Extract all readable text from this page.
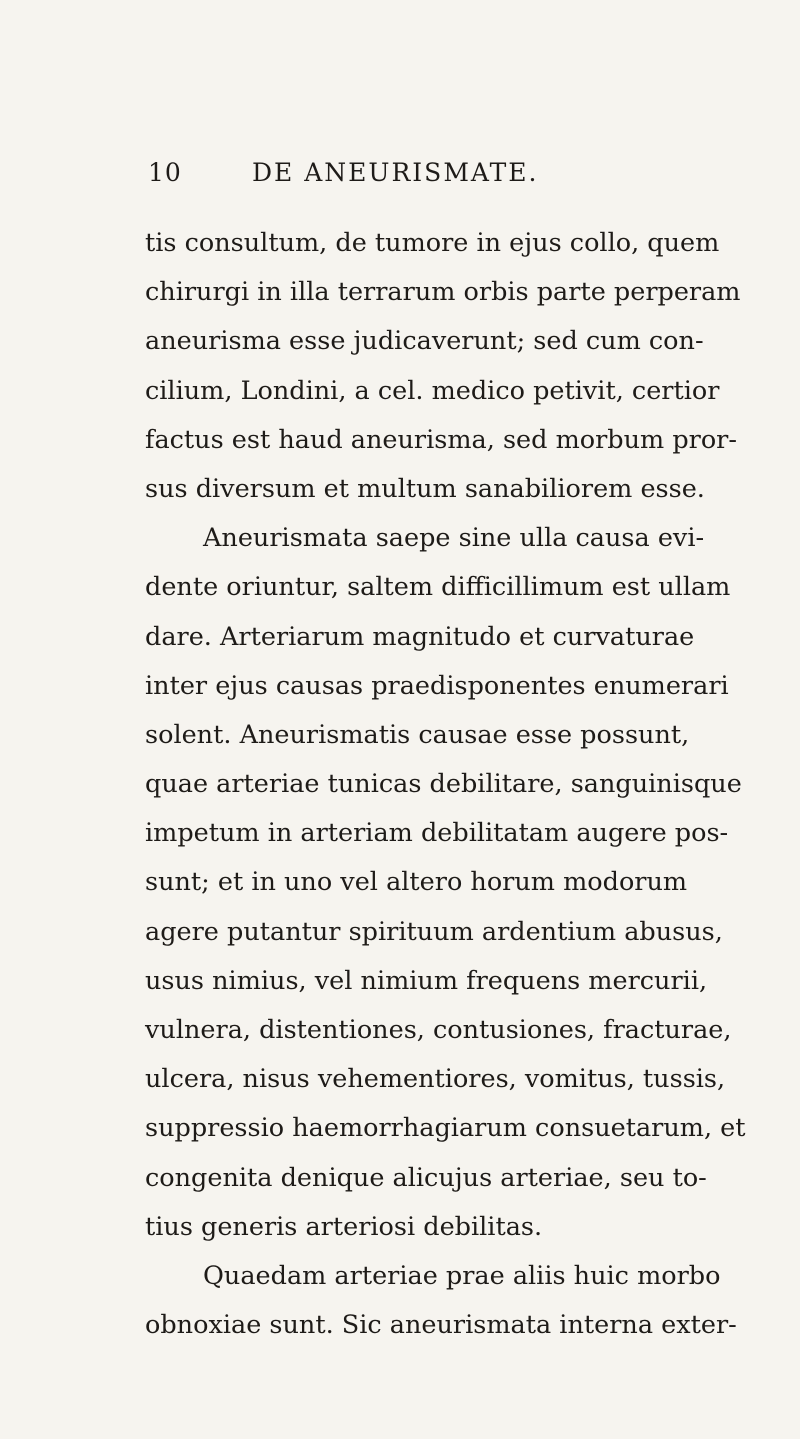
10	DE ANEURISMATE.
tis consultum, de tumore in ejus collo, quem
chirurgi in illa terrarum orbis parte perperam
aneurisma esse judicaverunt; sed cum con-
cilium, Londini, a cel. medico petivit, certior
factus est haud aneurisma, sed morbum pror-
sus diversum et multum sanabiliorem esse.
Aneurismata saepe sine ulla causa evi-
dente oriuntur, saltem difficillimum est ullam
dare. Arteriarum magnitudo et curvaturae
inter ejus causas praedisponentes enumerari
solent. Aneurismatis causae esse possunt,
quae arteriae tunicas debilitare, sanguinisque
impetum in arteriam debilitatam augere pos-
sunt; et in uno vel altero horum modorum
agere putantur spirituum ardentium abusus,
usus nimius, vel nimium frequens mercurii,
vulnera, distentiones, contusiones, fracturae,
ulcera, nisus vehementiores, vomitus, tussis,
suppressio haemorrhagiarum consuetarum, et
congenita denique alicujus arteriae, seu to-
tius generis arteriosi debilitas.
Quaedam arteriae prae aliis huic morbo
obnoxiae sunt. Sic aneurismata interna exter-
